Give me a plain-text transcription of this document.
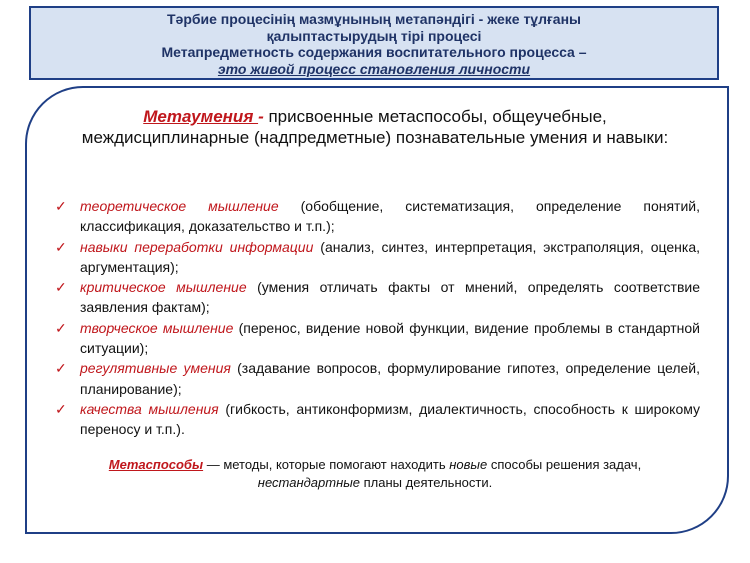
Тәрбие процесінің мазмұнының метапәндігі - жеке тұлғаны
қалыптастырудың тірі процесі
Метапредметность содержания воспитательного процесса –
это живой процесс становления личности
Метаумения - присвоенные метаспособы, общеучебные, междисциплинарные (надпредметные) познавательные умения и навыки:
✓ теоретическое мышление (обобщение, систематизация, определение понятий, классификация, доказательство и т.п.);
✓ навыки переработки информации (анализ, синтез, интерпретация, экстраполяция, оценка, аргументация);
✓ критическое мышление (умения отличать факты от мнений, определять соответствие заявления фактам);
✓ творческое мышление (перенос, видение новой функции, видение проблемы в стандартной ситуации);
✓ регулятивные умения (задавание вопросов, формулирование гипотез, определение целей, планирование);
✓ качества мышления (гибкость, антиконформизм, диалектичность, способность к широкому переносу и т.п.).
Метаспособы — методы, которые помогают находить новые способы решения задач,
нестандартные планы деятельности.
